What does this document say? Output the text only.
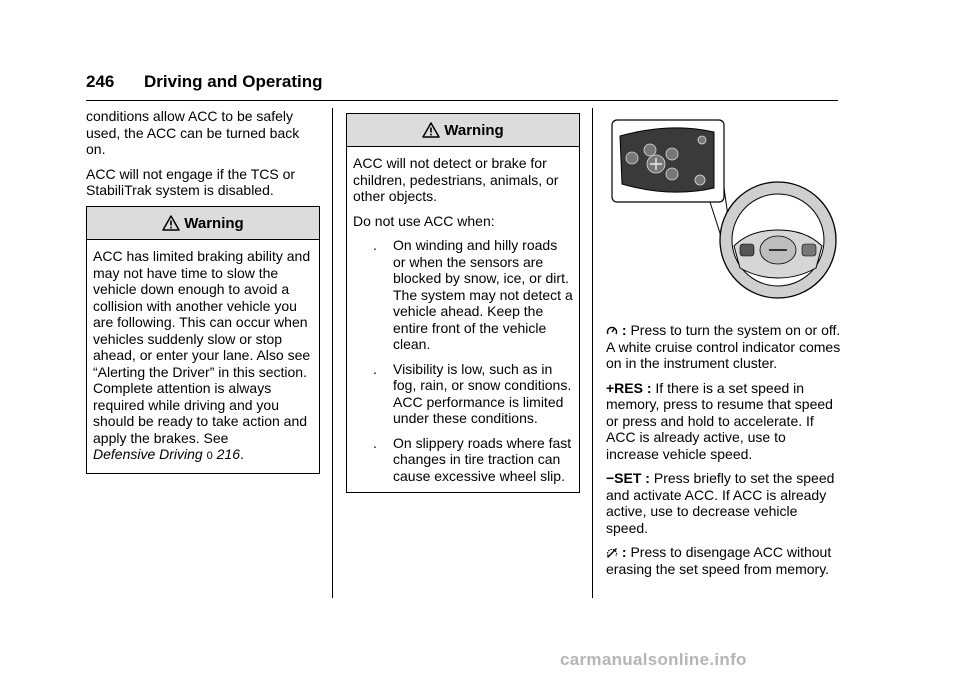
246 Driving and Operating

conditions allow ACC to be safely used, the ACC can be turned back on.

ACC will not engage if the TCS or StabiliTrak system is disabled.

Warning
ACC has limited braking ability and may not have time to slow the vehicle down enough to avoid a collision with another vehicle you are following. This can occur when vehicles suddenly slow or stop ahead, or enter your lane. Also see “Alerting the Driver” in this section. Complete attention is always required while driving and you should be ready to take action and apply the brakes. See
Defensive Driving 0 216.
Warning

ACC will not detect or brake for children, pedestrians, animals, or other objects.

Do not use ACC when:

. On winding and hilly roads or when the sensors are blocked by snow, ice, or dirt. The system may not detect a vehicle ahead. Keep the entire front of the vehicle clean.
. Visibility is low, such as in fog, rain, or snow conditions. ACC performance is limited under these conditions.
. On slippery roads where fast changes in tire traction can cause excessive wheel slip.

: Press to turn the system on or off. A white cruise control indicator comes on in the instrument cluster.

+RES : If there is a set speed in memory, press to resume that speed or press and hold to accelerate. If ACC is already active, use to increase vehicle speed.

−SET : Press briefly to set the speed and activate ACC. If ACC is already active, use to decrease vehicle speed.

: Press to disengage ACC without erasing the set speed from memory.

carmanualsonline.info
